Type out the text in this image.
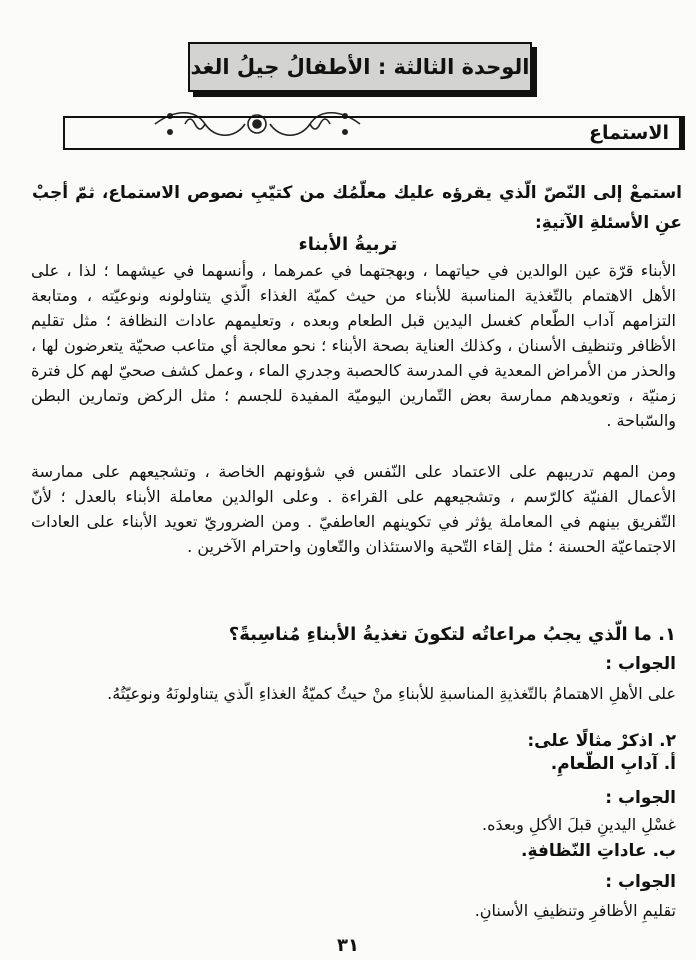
الوحدة الثالثة : الأطفالُ جيلُ الغد
الاستماع
استمعْ إلى النّصّ الّذي يقرؤه عليك معلّمُك من كتيّبِ نصوص الاستماع، ثمّ أجبْ عنِ الأسئلةِ الآتيةِ:
تربيةُ الأبناء
الأبناء قرّة عين الوالدين في حياتهما ، وبهجتهما في عمرهما ، وأنسهما في عيشهما ؛ لذا ، على الأهل الاهتمام بالتّغذية المناسبة للأبناء من حيث كميّة الغذاء الّذي يتناولونه ونوعيّته ، ومتابعة التزامهم آداب الطّعام كغسل اليدين قبل الطعام وبعده ، وتعليمهم عادات النظافة ؛ مثل تقليم الأظافر وتنظيف الأسنان ، وكذلك العناية بصحة الأبناء ؛ نحو معالجة أي متاعب صحيّة يتعرضون لها ، والحذر من الأمراض المعدية في المدرسة كالحصبة وجدري الماء ، وعمل كشف صحيّ لهم كل فترة زمنيّة ، وتعويدهم ممارسة بعض التّمارين اليوميّة المفيدة للجسم ؛ مثل الركض وتمارين البطن والسّباحة .
ومن المهم تدريبهم على الاعتماد على النّفس في شؤونهم الخاصة ، وتشجيعهم على ممارسة الأعمال الفنيّة كالرّسم ، وتشجيعهم على القراءة . وعلى الوالدين معاملة الأبناء بالعدل ؛ لأنّ التّفريق بينهم في المعاملة يؤثر في تكوينهم العاطفيّ . ومن الضروريّ تعويد الأبناء على العادات الاجتماعيّة الحسنة ؛ مثل إلقاء التّحية والاستئذان والتّعاون واحترام الآخرين .
١. ما الّذي يجبُ مراعاتُه لتكونَ تغذيةُ الأبناءِ مُناسِبةً؟
الجواب :
على الأهلِ الاهتمامُ بالتّغذيةِ المناسبةِ للأبناءِ منْ حيثُ كميّةُ الغذاءِ الّذي يتناولونَهُ ونوعيّتُهُ.
٢. اذكرْ مثالًا على:
أ. آدابِ الطّعامِ.
الجواب :
غسْلِ اليدينِ قبلَ الأكلِ وبعدَه.
ب. عاداتِ النّظافةِ.
الجواب :
تقليمِ الأظافرِ وتنظيفِ الأسنانِ.
٣١
